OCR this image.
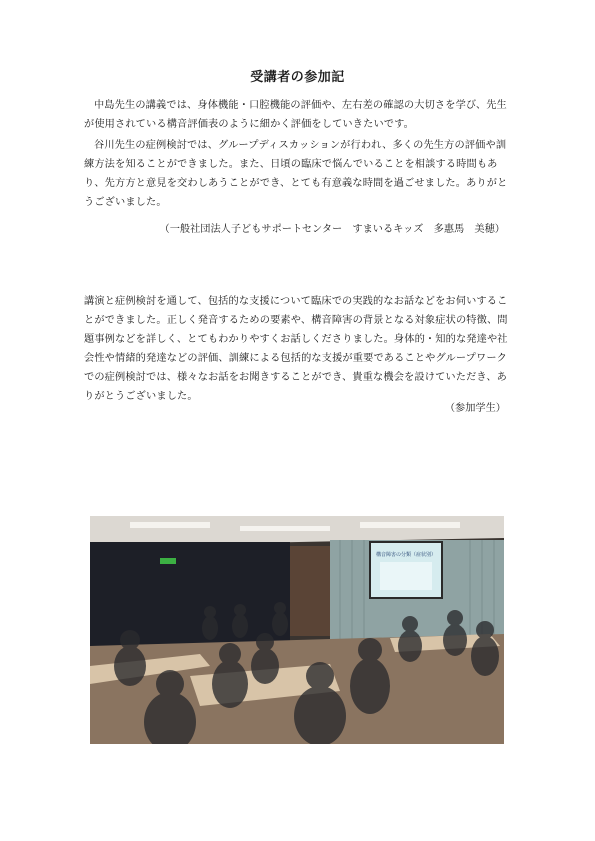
受講者の参加記

中島先生の講義では、身体機能・口腔機能の評価や、左右差の確認の大切さを学び、先生が使用されている構音評価表のように細かく評価をしていきたいです。

谷川先生の症例検討では、グループディスカッションが行われ、多くの先生方の評価や訓練方法を知ることができました。また、日頃の臨床で悩んでいることを相談する時間もあり、先方方と意見を交わしあうことができ、とても有意義な時間を過ごせました。ありがとうございました。

（一般社団法人子どもサポートセンター　すまいるキッズ　多惠馬　美穂）

講演と症例検討を通して、包括的な支援について臨床での実践的なお話などをお伺いすることができました。正しく発音するための要素や、構音障害の背景となる対象症状の特徴、問題事例などを詳しく、とてもわかりやすくお話しくださりました。身体的・知的な発達や社会性や情緒的発達などの評価、訓練による包括的な支援が重要であることやグループワークでの症例検討では、様々なお話をお聞きすることができ、貴重な機会を設けていただき、ありがとうございました。

（参加学生）
構音障害の分類（症状別）
